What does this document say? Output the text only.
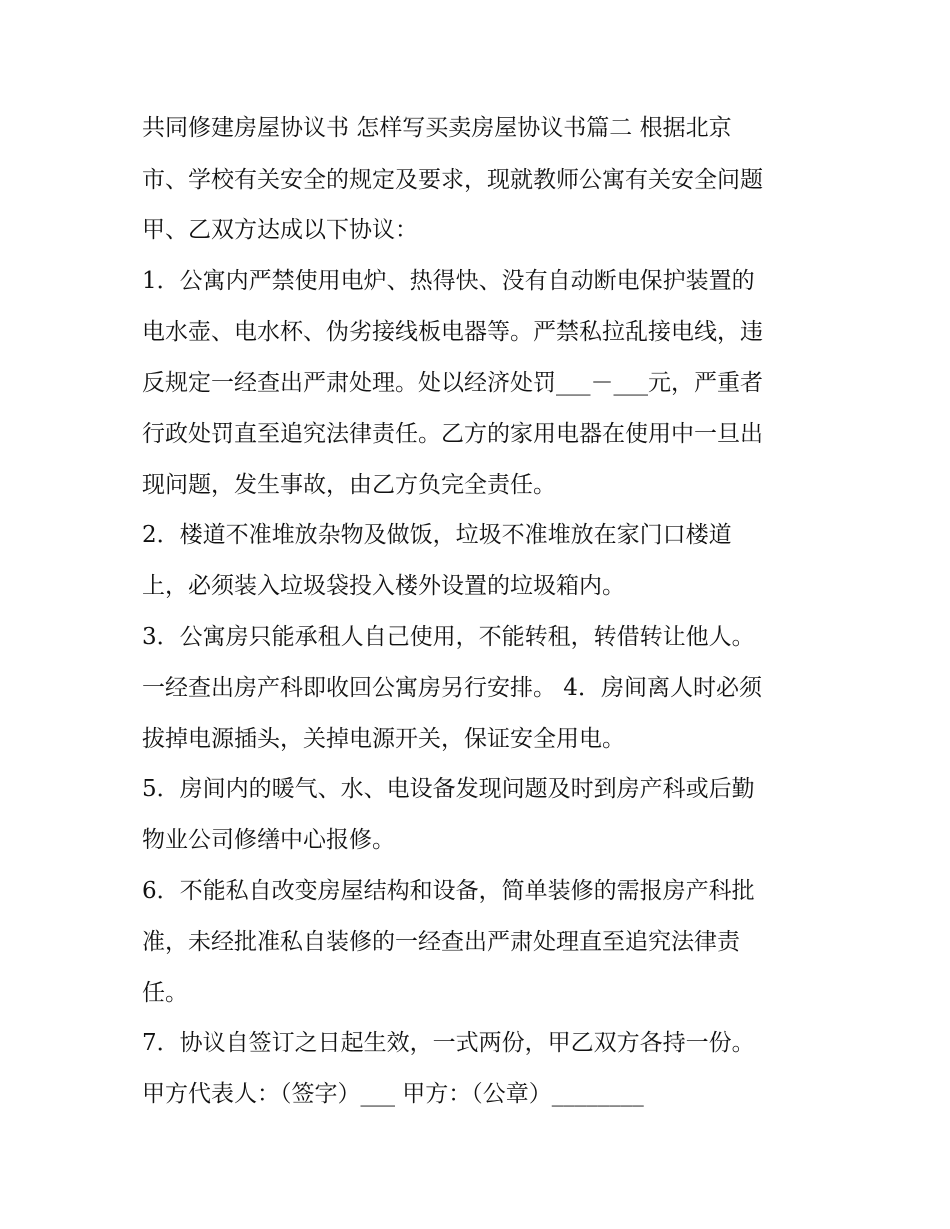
共同修建房屋协议书 怎样写买卖房屋协议书篇二 根据北京
市、学校有关安全的规定及要求，现就教师公寓有关安全问题
甲、乙双方达成以下协议：
1．公寓内严禁使用电炉、热得快、没有自动断电保护装置的
电水壶、电水杯、伪劣接线板电器等。严禁私拉乱接电线，违
反规定一经查出严肃处理。处以经济处罚___－___元，严重者
行政处罚直至追究法律责任。乙方的家用电器在使用中一旦出
现问题，发生事故，由乙方负完全责任。
2．楼道不准堆放杂物及做饭，垃圾不准堆放在家门口楼道
上，必须装入垃圾袋投入楼外设置的垃圾箱内。
3．公寓房只能承租人自己使用，不能转租，转借转让他人。
一经查出房产科即收回公寓房另行安排。 4．房间离人时必须
拔掉电源插头，关掉电源开关，保证安全用电。
5．房间内的暖气、水、电设备发现问题及时到房产科或后勤
物业公司修缮中心报修。
6．不能私自改变房屋结构和设备，简单装修的需报房产科批
准，未经批准私自装修的一经查出严肃处理直至追究法律责
任。
7．协议自签订之日起生效，一式两份，甲乙双方各持一份。
甲方代表人：（签字）___ 甲方：（公章）________
